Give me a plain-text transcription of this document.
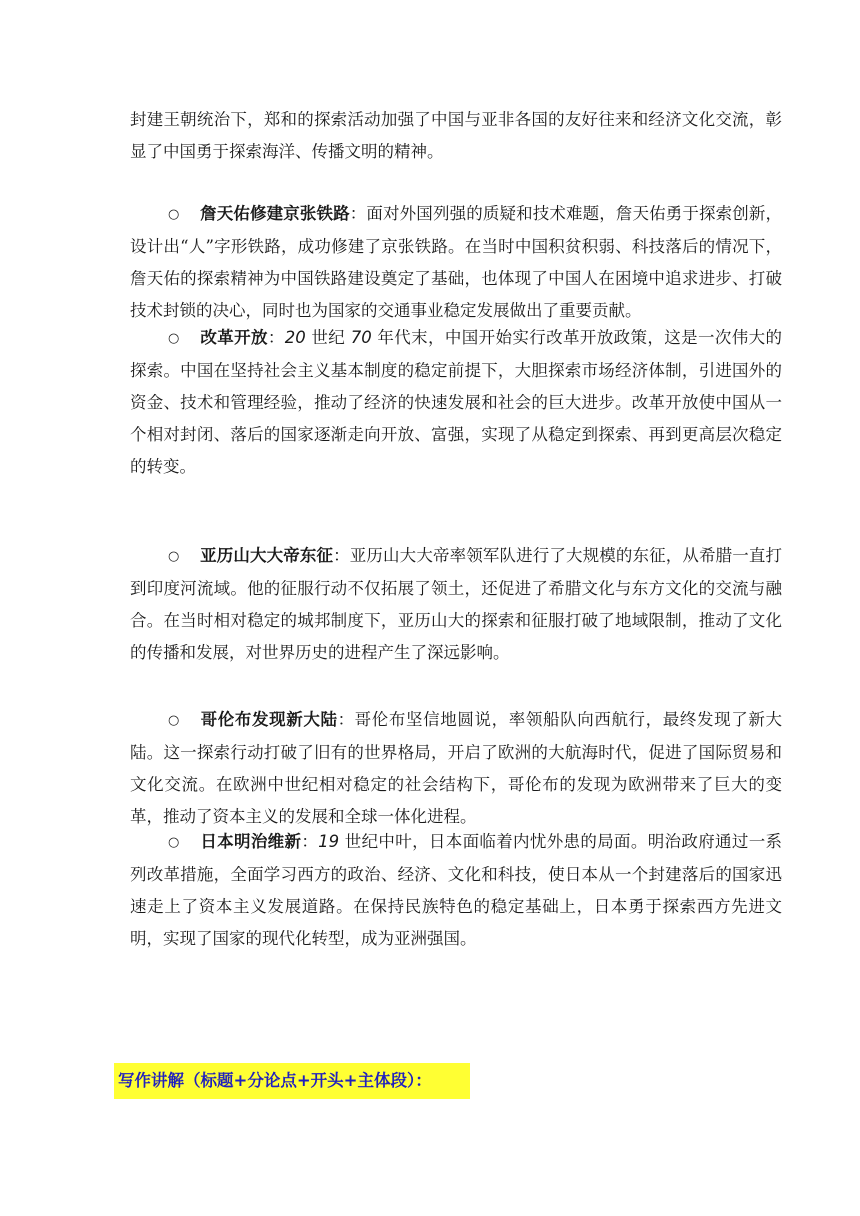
封建王朝统治下，郑和的探索活动加强了中国与亚非各国的友好往来和经济文化交流，彰显了中国勇于探索海洋、传播文明的精神。

○ 詹天佑修建京张铁路：面对外国列强的质疑和技术难题，詹天佑勇于探索创新，设计出“人”字形铁路，成功修建了京张铁路。在当时中国积贫积弱、科技落后的情况下，詹天佑的探索精神为中国铁路建设奠定了基础，也体现了中国人在困境中追求进步、打破技术封锁的决心，同时也为国家的交通事业稳定发展做出了重要贡献。

○ 改革开放：20 世纪 70 年代末，中国开始实行改革开放政策，这是一次伟大的探索。中国在坚持社会主义基本制度的稳定前提下，大胆探索市场经济体制，引进国外的资金、技术和管理经验，推动了经济的快速发展和社会的巨大进步。改革开放使中国从一个相对封闭、落后的国家逐渐走向开放、富强，实现了从稳定到探索、再到更高层次稳定的转变。

○ 亚历山大大帝东征：亚历山大大帝率领军队进行了大规模的东征，从希腊一直打到印度河流域。他的征服行动不仅拓展了领土，还促进了希腊文化与东方文化的交流与融合。在当时相对稳定的城邦制度下，亚历山大的探索和征服打破了地域限制，推动了文化的传播和发展，对世界历史的进程产生了深远影响。

○ 哥伦布发现新大陆：哥伦布坚信地圆说，率领船队向西航行，最终发现了新大陆。这一探索行动打破了旧有的世界格局，开启了欧洲的大航海时代，促进了国际贸易和文化交流。在欧洲中世纪相对稳定的社会结构下，哥伦布的发现为欧洲带来了巨大的变革，推动了资本主义的发展和全球一体化进程。

○ 日本明治维新：19 世纪中叶，日本面临着内忧外患的局面。明治政府通过一系列改革措施，全面学习西方的政治、经济、文化和科技，使日本从一个封建落后的国家迅速走上了资本主义发展道路。在保持民族特色的稳定基础上，日本勇于探索西方先进文明，实现了国家的现代化转型，成为亚洲强国。

写作讲解（标题+分论点+开头+主体段）：
